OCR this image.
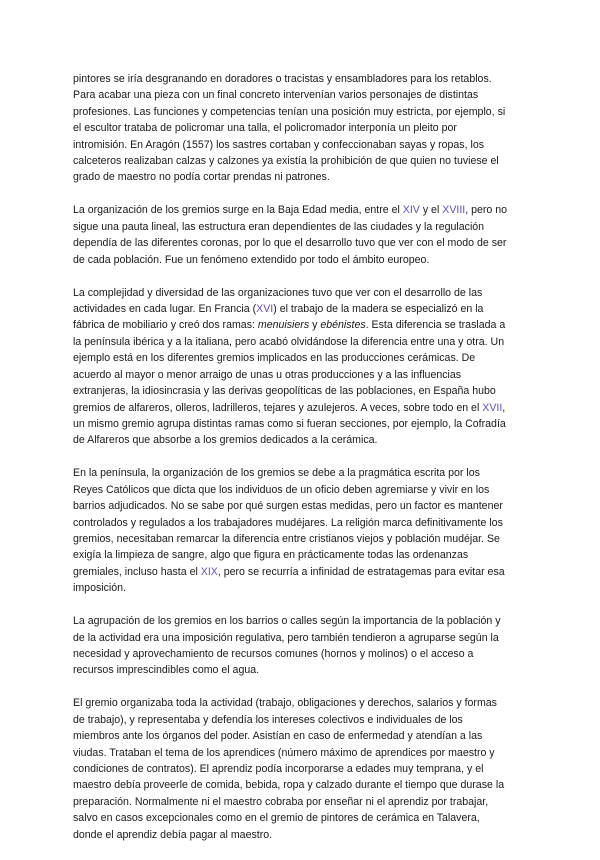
pintores se iría desgranando en doradores o tracistas y ensambladores para los retablos.
Para acabar una pieza con un final concreto intervenían varios personajes de distintas
profesiones. Las funciones y competencias tenían una posición muy estricta, por ejemplo, si
el escultor trataba de policromar una talla, el policromador interponía un pleito por
intromisión. En Aragón (1557) los sastres cortaban y confeccionaban sayas y ropas, los
calceteros realizaban calzas y calzones ya existía la prohibición de que quien no tuviese el
grado de maestro no podía cortar prendas ni patrones.

La organización de los gremios surge en la Baja Edad media, entre el XIV y el XVIII, pero no
sigue una pauta lineal, las estructura eran dependientes de las ciudades y la regulación
dependía de las diferentes coronas, por lo que el desarrollo tuvo que ver con el modo de ser
de cada población. Fue un fenómeno extendido por todo el ámbito europeo.

La complejidad y diversidad de las organizaciones tuvo que ver con el desarrollo de las
actividades en cada lugar. En Francia (XVI) el trabajo de la madera se especializó en la
fábrica de mobiliario y creó dos ramas: menuisiers y ebénistes. Esta diferencia se traslada a
la península ibérica y a la italiana, pero acabó olvidándose la diferencia entre una y otra. Un
ejemplo está en los diferentes gremios implicados en las producciones cerámicas. De
acuerdo al mayor o menor arraigo de unas u otras producciones y a las influencias
extranjeras, la idiosincrasia y las derivas geopolíticas de las poblaciones, en España hubo
gremios de alfareros, olleros, ladrilleros, tejares y azulejeros. A veces, sobre todo en el XVII,
un mismo gremio agrupa distintas ramas como si fueran secciones, por ejemplo, la Cofradía
de Alfareros que absorbe a los gremios dedicados a la cerámica.

En la península, la organización de los gremios se debe a la pragmática escrita por los
Reyes Católicos que dicta que los individuos de un oficio deben agremiarse y vivir en los
barrios adjudicados. No se sabe por qué surgen estas medidas, pero un factor es mantener
controlados y regulados a los trabajadores mudéjares. La religión marca definitivamente los
gremios, necesitaban remarcar la diferencia entre cristianos viejos y población mudéjar. Se
exigía la limpieza de sangre, algo que figura en prácticamente todas las ordenanzas
gremiales, incluso hasta el XIX, pero se recurría a infinidad de estratagemas para evitar esa
imposición.

La agrupación de los gremios en los barrios o calles según la importancia de la población y
de la actividad era una imposición regulativa, pero también tendieron a agruparse según la
necesidad y aprovechamiento de recursos comunes (hornos y molinos) o el acceso a
recursos imprescindibles como el agua.

El gremio organizaba toda la actividad (trabajo, obligaciones y derechos, salarios y formas
de trabajo), y representaba y defendía los intereses colectivos e individuales de los
miembros ante los órganos del poder. Asistían en caso de enfermedad y atendían a las
viudas. Trataban el tema de los aprendices (número máximo de aprendices por maestro y
condiciones de contratos). El aprendiz podía incorporarse a edades muy temprana, y el
maestro debía proveerle de comida, bebida, ropa y calzado durante el tiempo que durase la
preparación. Normalmente ni el maestro cobraba por enseñar ni el aprendiz por trabajar,
salvo en casos excepcionales como en el gremio de pintores de cerámica en Talavera,
donde el aprendiz debía pagar al maestro.
